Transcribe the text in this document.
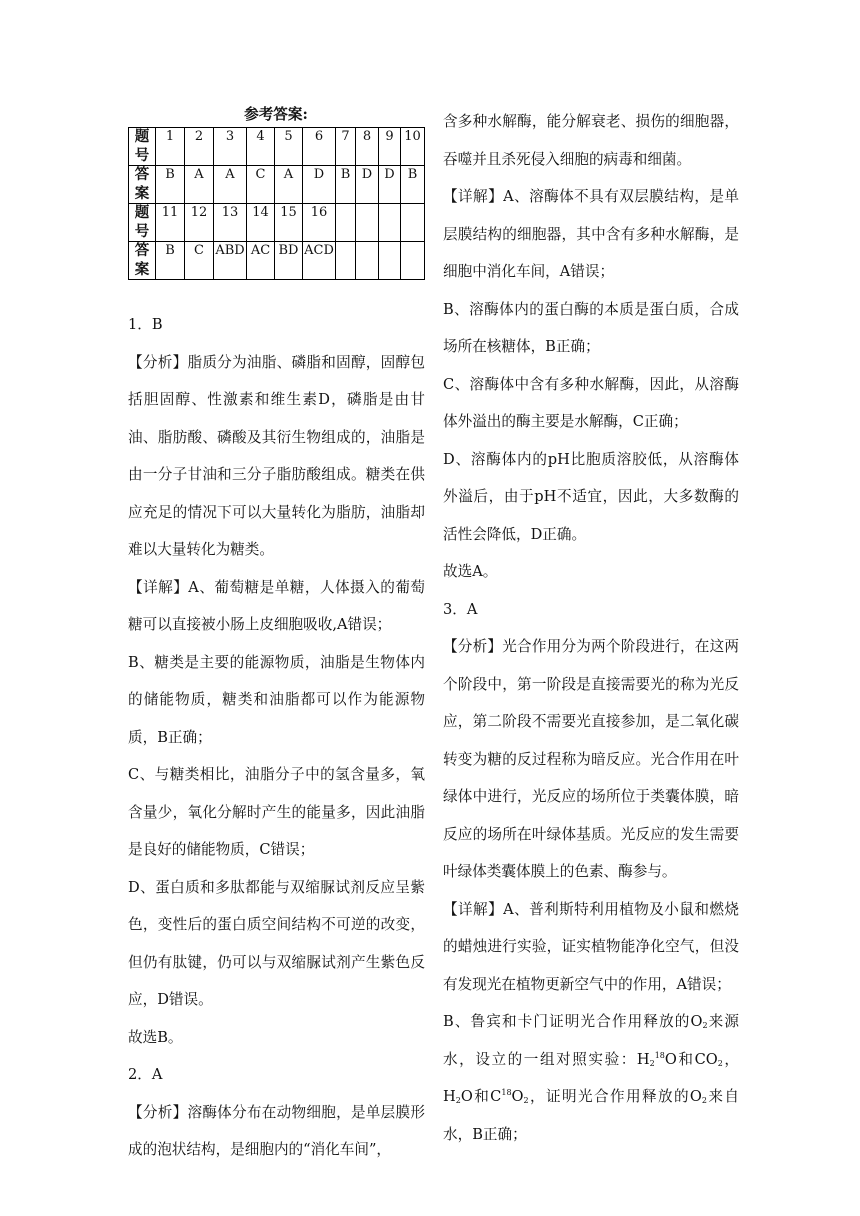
参考答案:
题号	1	2	3	4	5	6	7	8	9	10
答案	B	A	A	C	A	D	B	D	D	B
题号	11	12	13	14	15	16				
答案	B	C	ABD	AC	BD	ACD				

1．B

【分析】脂质分为油脂、磷脂和固醇，固醇包括胆固醇、性激素和维生素D，磷脂是由甘油、脂肪酸、磷酸及其衍生物组成的，油脂是由一分子甘油和三分子脂肪酸组成。糖类在供应充足的情况下可以大量转化为脂肪，油脂却难以大量转化为糖类。

【详解】A、葡萄糖是单糖，人体摄入的葡萄糖可以直接被小肠上皮细胞吸收,A错误；

B、糖类是主要的能源物质，油脂是生物体内的储能物质，糖类和油脂都可以作为能源物质，B正确；

C、与糖类相比，油脂分子中的氢含量多，氧含量少，氧化分解时产生的能量多，因此油脂是良好的储能物质，C错误；

D、蛋白质和多肽都能与双缩脲试剂反应呈紫色，变性后的蛋白质空间结构不可逆的改变，但仍有肽键，仍可以与双缩脲试剂产生紫色反应，D错误。

故选B。

2．A

【分析】溶酶体分布在动物细胞，是单层膜形成的泡状结构，是细胞内的“消化车间”，

含多种水解酶，能分解衰老、损伤的细胞器，吞噬并且杀死侵入细胞的病毒和细菌。

【详解】A、溶酶体不具有双层膜结构，是单层膜结构的细胞器，其中含有多种水解酶，是细胞中消化车间，A错误；

B、溶酶体内的蛋白酶的本质是蛋白质，合成场所在核糖体，B正确；

C、溶酶体中含有多种水解酶，因此，从溶酶体外溢出的酶主要是水解酶，C正确；

D、溶酶体内的pH比胞质溶胶低，从溶酶体外溢后，由于pH不适宜，因此，大多数酶的活性会降低，D正确。

故选A。

3．A

【分析】光合作用分为两个阶段进行，在这两个阶段中，第一阶段是直接需要光的称为光反应，第二阶段不需要光直接参加，是二氧化碳转变为糖的反过程称为暗反应。光合作用在叶绿体中进行，光反应的场所位于类囊体膜，暗反应的场所在叶绿体基质。光反应的发生需要叶绿体类囊体膜上的色素、酶参与。

【详解】A、普利斯特利用植物及小鼠和燃烧的蜡烛进行实验，证实植物能净化空气，但没有发现光在植物更新空气中的作用，A错误；

B、鲁宾和卡门证明光合作用释放的$O_2$来源水，设立的一组对照实验：$H_2^{18}O$和$CO_2$，$H_2O$和$C^{18}O_2$，证明光合作用释放的$O_2$来自水，B正确；
